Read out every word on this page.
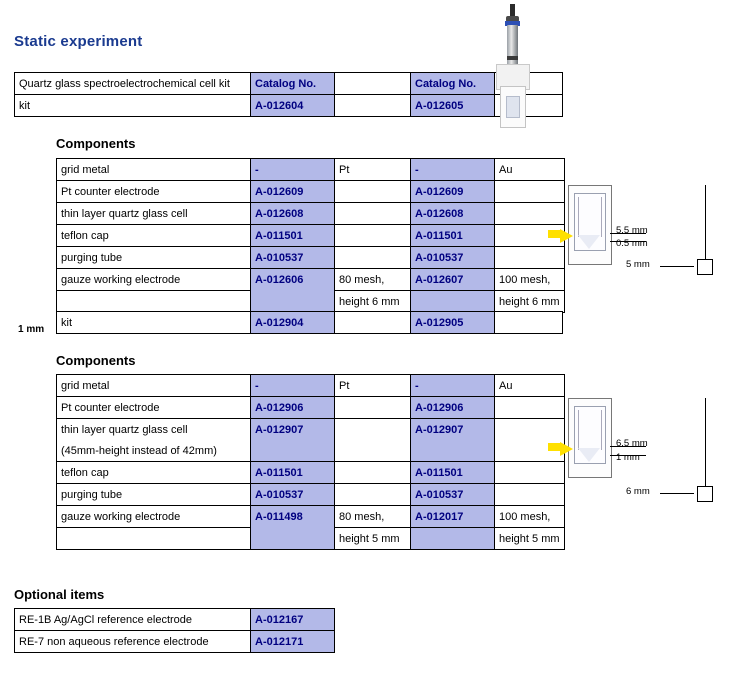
Static experiment
1 mm
Quartz glass spectroelectrochemical cell kit	Catalog No.		Catalog No.	
kit	A-012604		A-012605	
Components
grid metal	-	Pt	-	Au
Pt counter electrode	A-012609		A-012609	
thin layer quartz glass cell	A-012608		A-012608	
teflon cap	A-011501		A-011501	
purging tube	A-010537		A-010537	
gauze working electrode	A-012606	80 mesh,	A-012607	100 mesh,
		height 6 mm		height 6 mm
kit	A-012904		A-012905	
Components
grid metal	-	Pt	-	Au
Pt counter electrode	A-012906		A-012906	
thin layer quartz glass cell	A-012907		A-012907	
(45mm-height instead of 42mm)				
teflon cap	A-011501		A-011501	
purging tube	A-010537		A-010537	
gauze working electrode	A-011498	80 mesh,	A-012017	100 mesh,
		height 5 mm		height 5 mm
Optional items
RE-1B Ag/AgCl reference electrode	A-012167
RE-7 non aqueous reference electrode	A-012171
5.5 mm
0.5 mm
5 mm
6.5 mm
1 mm
6 mm
